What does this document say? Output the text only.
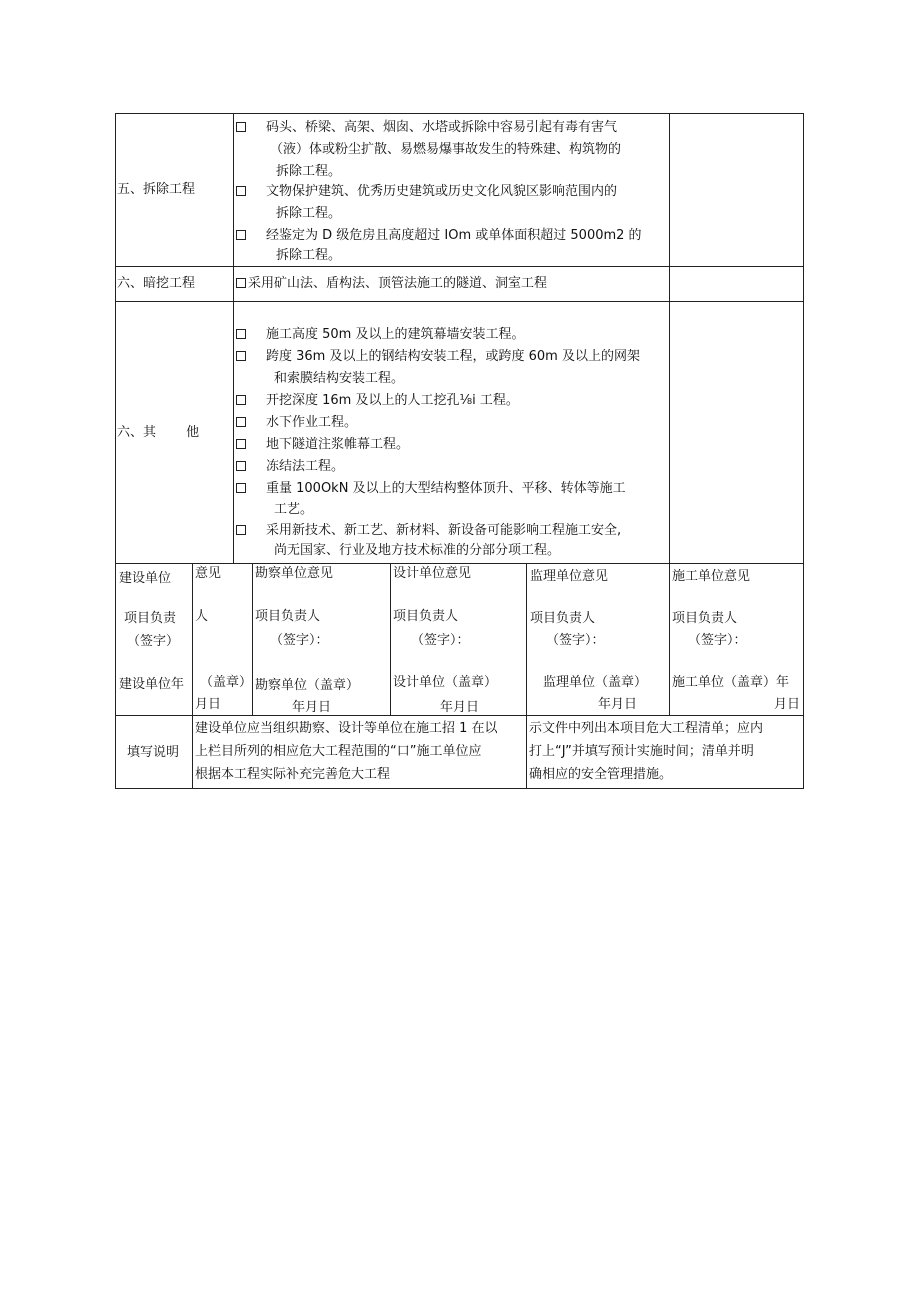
五、拆除工程
码头、桥梁、高架、烟囱、水塔或拆除中容易引起有毒有害气
（液）体或粉尘扩散、易燃易爆事故发生的特殊建、构筑物的
拆除工程。
文物保护建筑、优秀历史建筑或历史文化风貌区影响范围内的
拆除工程。
经鉴定为 D 级危房且高度超过 IOm 或单体面积超过 5000m2 的
拆除工程。
六、暗挖工程	采用矿山法、盾构法、顶管法施工的隧道、洞室工程
六、其　　 他
施工高度 50m 及以上的建筑幕墙安装工程。
跨度 36m 及以上的钢结构安装工程，或跨度 60m 及以上的网架
和索膜结构安装工程。
开挖深度 16m 及以上的人工挖孔⅛i 工程。
水下作业工程。
地下隧道注浆帷幕工程。
冻结法工程。
重量 100OkN 及以上的大型结构整体顶升、平移、转体等施工
工艺。
采用新技术、新工艺、新材料、新设备可能影响工程施工安全,
尚无国家、行业及地方技术标准的分部分项工程。
建设单位 意见
项目负责 人
（签字）
建设单位年 （盖章）
月日
勘察单位意见
项目负责人
（签字）：
勘察单位（盖章）
年月日
设计单位意见
项目负责人
（签字）：
设计单位（盖章）
年月日
监理单位意见
项目负责人
（签字）：
监理单位（盖章）
年月日
施工单位意见
项目负责人
（签字）：
施工单位（盖章）年
月日
填写说明
建设单位应当组织勘察、设计等单位在施工招 1 在以
上栏目所列的相应危大工程范围的“口”施工单位应
根据本工程实际补充完善危大工程
示文件中列出本项目危大工程清单；应内
打上“J”并填写预计实施时间；清单并明
确相应的安全管理措施。
